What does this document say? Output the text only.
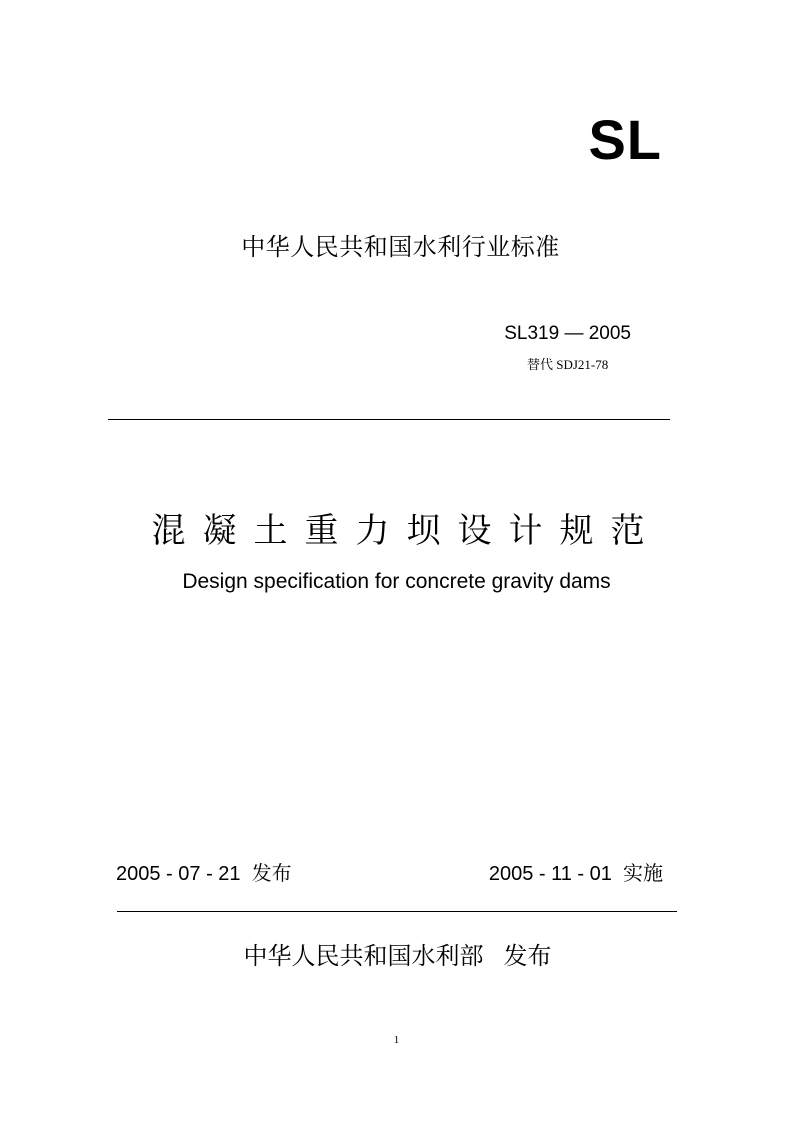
SL
中华人民共和国水利行业标准
SL319 — 2005
替代 SDJ21-78
混凝土重力坝设计规范
Design specification for concrete gravity dams
2005 - 07 - 21  发布	2005 - 11 - 01  实施
中华人民共和国水利部   发布
1
